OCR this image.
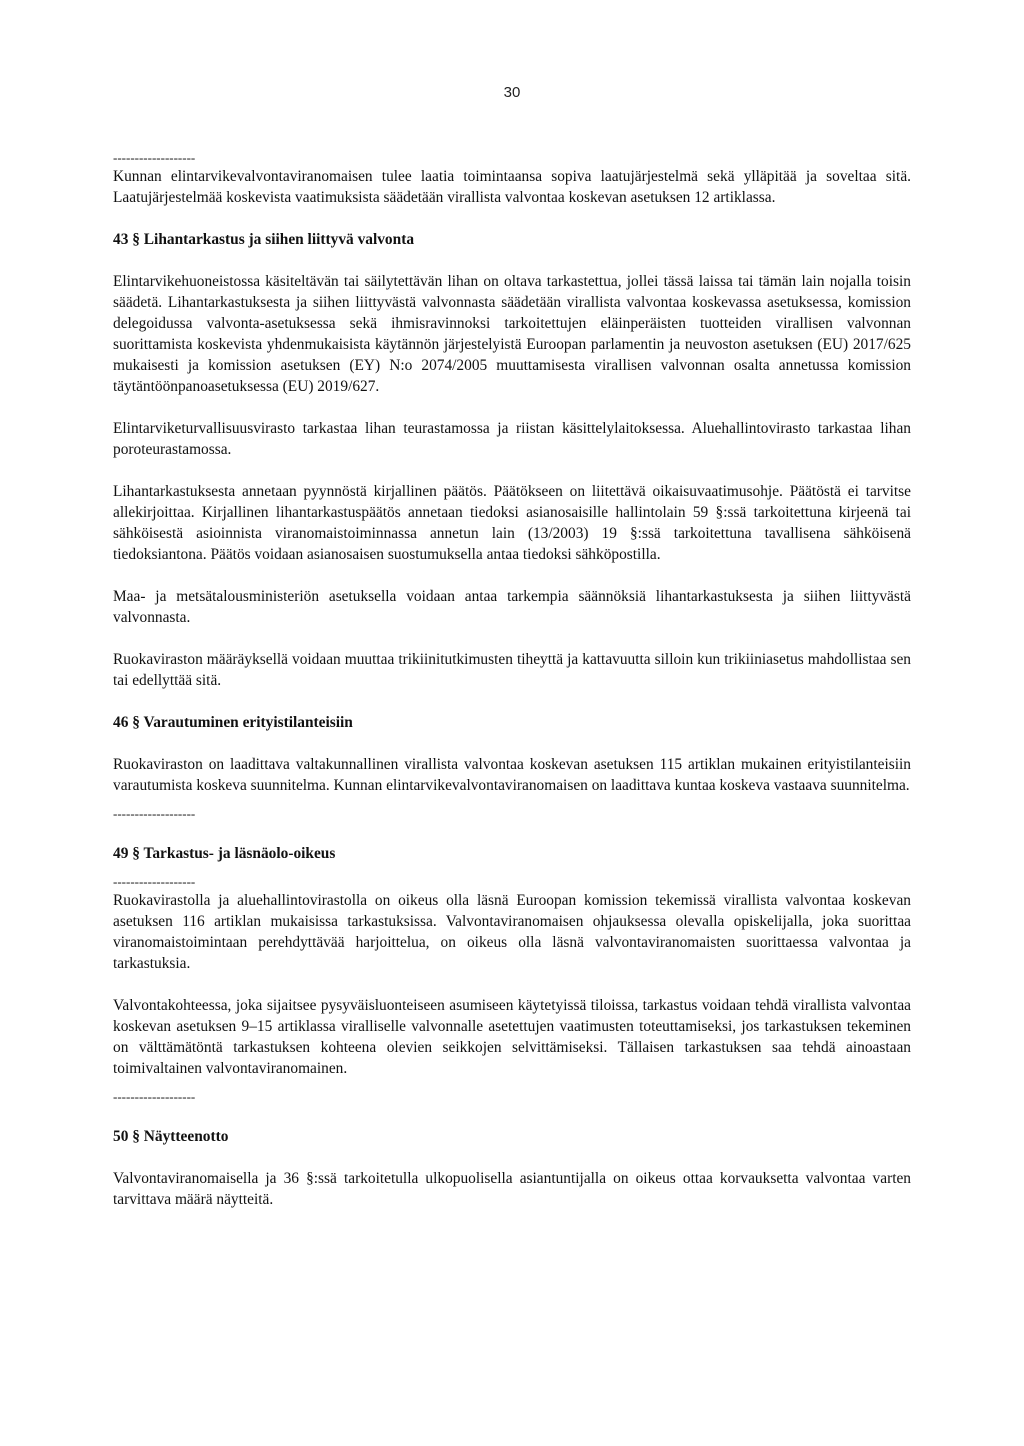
30
-------------------

Kunnan elintarvikevalvontaviranomaisen tulee laatia toimintaansa sopiva laatujärjestelmä sekä ylläpitää ja soveltaa sitä. Laatujärjestelmää koskevista vaatimuksista säädetään virallista valvontaa koskevan asetuksen 12 artiklassa.

43 § Lihantarkastus ja siihen liittyvä valvonta

Elintarvikehuoneistossa käsiteltävän tai säilytettävän lihan on oltava tarkastettua, jollei tässä laissa tai tämän lain nojalla toisin säädetä. Lihantarkastuksesta ja siihen liittyvästä valvonnasta säädetään virallista valvontaa koskevassa asetuksessa, komission delegoidussa valvonta-asetuksessa sekä ihmisravinnoksi tarkoitettujen eläinperäisten tuotteiden virallisen valvonnan suorittamista koskevista yhdenmukaisista käytännön järjestelyistä Euroopan parlamentin ja neuvoston asetuksen (EU) 2017/625 mukaisesti ja komission asetuksen (EY) N:o 2074/2005 muuttamisesta virallisen valvonnan osalta annetussa komission täytäntöönpanoasetuksessa (EU) 2019/627.

Elintarviketurvallisuusvirasto tarkastaa lihan teurastamossa ja riistan käsittelylaitoksessa. Aluehallintovirasto tarkastaa lihan poroteurastamossa.

Lihantarkastuksesta annetaan pyynnöstä kirjallinen päätös. Päätökseen on liitettävä oikaisuvaatimusohje. Päätöstä ei tarvitse allekirjoittaa. Kirjallinen lihantarkastuspäätös annetaan tiedoksi asianosaisille hallintolain 59 §:ssä tarkoitettuna kirjeenä tai sähköisestä asioinnista viranomaistoiminnassa annetun lain (13/2003) 19 §:ssä tarkoitettuna tavallisena sähköisenä tiedoksiantona. Päätös voidaan asianosaisen suostumuksella antaa tiedoksi sähköpostilla.

Maa- ja metsätalousministeriön asetuksella voidaan antaa tarkempia säännöksiä lihantarkastuksesta ja siihen liittyvästä valvonnasta.

Ruokaviraston määräyksellä voidaan muuttaa trikiinitutkimusten tiheyttä ja kattavuutta silloin kun trikiiniasetus mahdollistaa sen tai edellyttää sitä.

46 § Varautuminen erityistilanteisiin

Ruokaviraston on laadittava valtakunnallinen virallista valvontaa koskevan asetuksen 115 artiklan mukainen erityistilanteisiin varautumista koskeva suunnitelma. Kunnan elintarvikevalvontaviranomaisen on laadittava kuntaa koskeva vastaava suunnitelma.

-------------------
49 § Tarkastus- ja läsnäolo-oikeus
-------------------

Ruokavirastolla ja aluehallintovirastolla on oikeus olla läsnä Euroopan komission tekemissä virallista valvontaa koskevan asetuksen 116 artiklan mukaisissa tarkastuksissa. Valvontaviranomaisen ohjauksessa olevalla opiskelijalla, joka suorittaa viranomaistoimintaan perehdyttävää harjoittelua, on oikeus olla läsnä valvontaviranomaisten suorittaessa valvontaa ja tarkastuksia.

Valvontakohteessa, joka sijaitsee pysyväisluonteiseen asumiseen käytetyissä tiloissa, tarkastus voidaan tehdä virallista valvontaa koskevan asetuksen 9–15 artiklassa viralliselle valvonnalle asetettujen vaatimusten toteuttamiseksi, jos tarkastuksen tekeminen on välttämätöntä tarkastuksen kohteena olevien seikkojen selvittämiseksi. Tällaisen tarkastuksen saa tehdä ainoastaan toimivaltainen valvontaviranomainen.

-------------------
50 § Näytteenotto

Valvontaviranomaisella ja 36 §:ssä tarkoitetulla ulkopuolisella asiantuntijalla on oikeus ottaa korvauksetta valvontaa varten tarvittava määrä näytteitä.
